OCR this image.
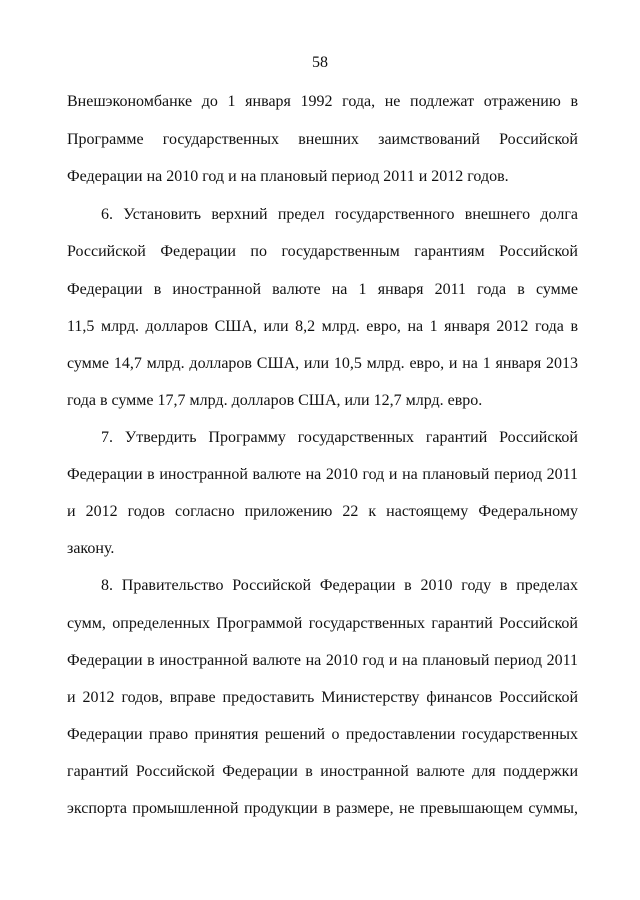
58
Внешэкономбанке до 1 января 1992 года, не подлежат отражению в
Программе государственных внешних заимствований Российской
Федерации на 2010 год и на плановый период 2011 и 2012 годов.
6. Установить верхний предел государственного внешнего долга
Российской Федерации по государственным гарантиям Российской
Федерации в иностранной валюте на 1 января 2011 года в сумме
11,5 млрд. долларов США, или 8,2 млрд. евро, на 1 января 2012 года в
сумме 14,7 млрд. долларов США, или 10,5 млрд. евро, и на 1 января 2013
года в сумме 17,7 млрд. долларов США, или 12,7 млрд. евро.
7. Утвердить Программу государственных гарантий Российской
Федерации в иностранной валюте на 2010 год и на плановый период 2011
и 2012 годов согласно приложению 22 к настоящему Федеральному
закону.
8. Правительство Российской Федерации в 2010 году в пределах
сумм, определенных Программой государственных гарантий Российской
Федерации в иностранной валюте на 2010 год и на плановый период 2011
и 2012 годов, вправе предоставить Министерству финансов Российской
Федерации право принятия решений о предоставлении государственных
гарантий Российской Федерации в иностранной валюте для поддержки
экспорта промышленной продукции в размере, не превышающем суммы,
